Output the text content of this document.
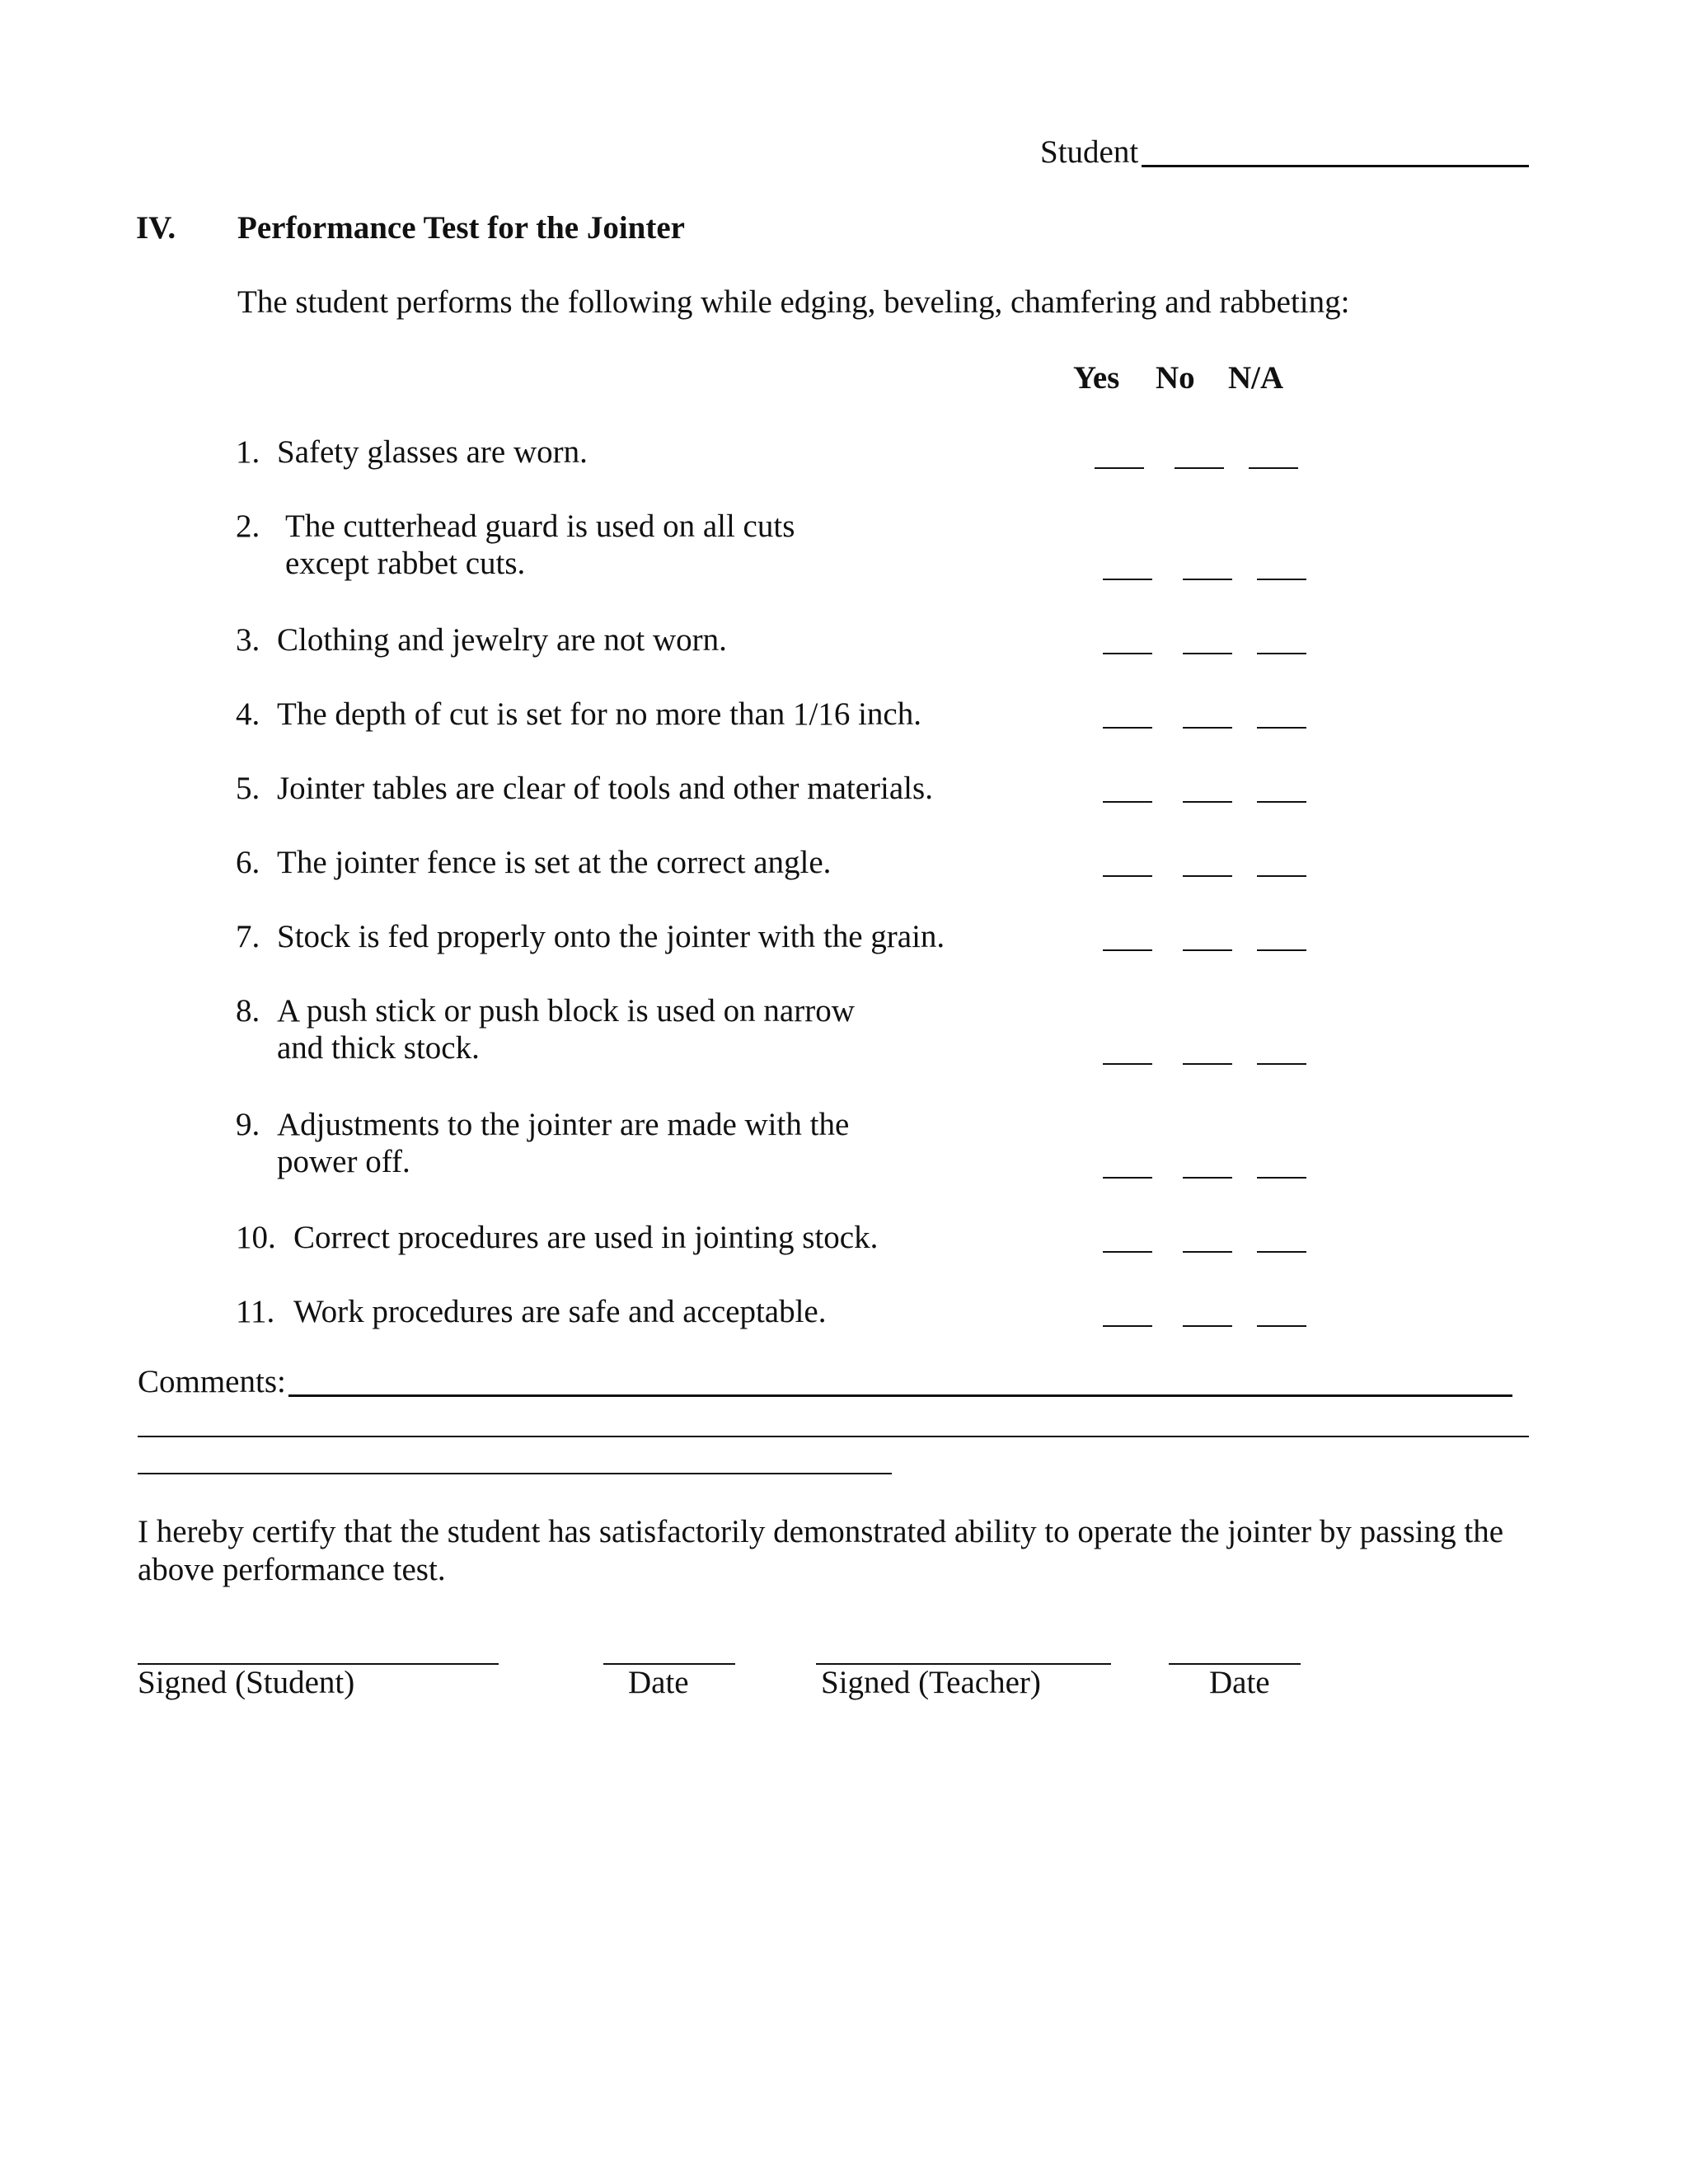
Student
IV. Performance Test for the Jointer
The student performs the following while edging, beveling, chamfering and rabbeting:
Yes No N/A
1. Safety glasses are worn.
2. The cutterhead guard is used on all cuts
except rabbet cuts.
3. Clothing and jewelry are not worn.
4. The depth of cut is set for no more than 1/16 inch.
5. Jointer tables are clear of tools and other materials.
6. The jointer fence is set at the correct angle.
7. Stock is fed properly onto the jointer with the grain.
8. A push stick or push block is used on narrow
and thick stock.
9. Adjustments to the jointer are made with the
power off.
10. Correct procedures are used in jointing stock.
11. Work procedures are safe and acceptable.
Comments:
I hereby certify that the student has satisfactorily demonstrated ability to operate the jointer by passing the
above performance test.
Signed (Student)	Date	Signed (Teacher)	Date
